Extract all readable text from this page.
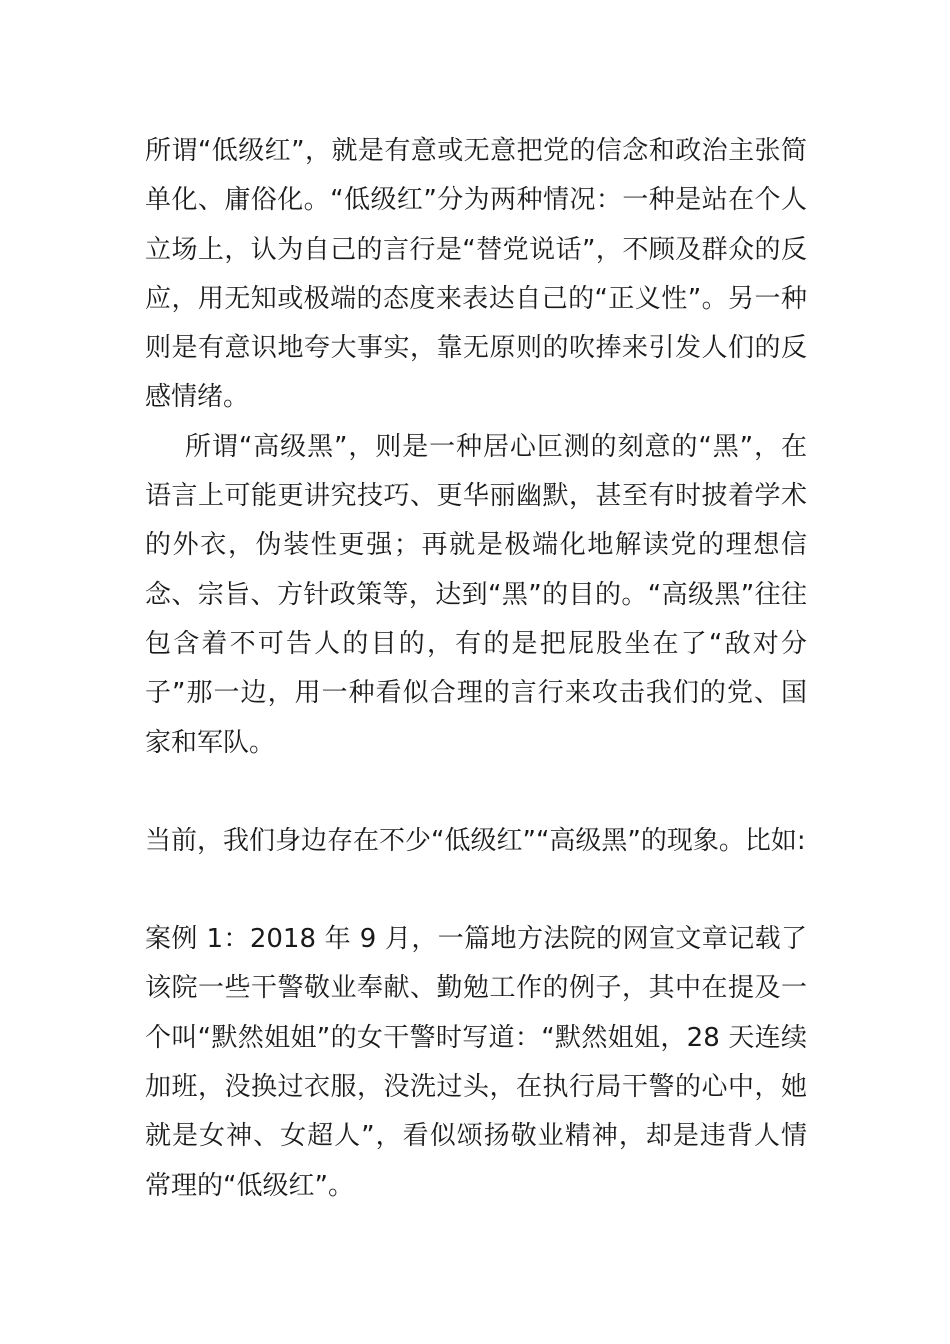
所谓“低级红”，就是有意或无意把党的信念和政治主张简单化、庸俗化。“低级红”分为两种情况：一种是站在个人立场上，认为自己的言行是“替党说话”，不顾及群众的反应，用无知或极端的态度来表达自己的“正义性”。另一种则是有意识地夸大事实，靠无原则的吹捧来引发人们的反感情绪。

所谓“高级黑”，则是一种居心叵测的刻意的“黑”，在语言上可能更讲究技巧、更华丽幽默，甚至有时披着学术的外衣，伪装性更强；再就是极端化地解读党的理想信念、宗旨、方针政策等，达到“黑”的目的。“高级黑”往往包含着不可告人的目的，有的是把屁股坐在了“敌对分子”那一边，用一种看似合理的言行来攻击我们的党、国家和军队。

当前，我们身边存在不少“低级红”“高级黑”的现象。比如:

案例 1：2018 年 9 月，一篇地方法院的网宣文章记载了该院一些干警敬业奉献、勤勉工作的例子，其中在提及一个叫“默然姐姐”的女干警时写道：“默然姐姐，28 天连续加班，没换过衣服，没洗过头，在执行局干警的心中，她就是女神、女超人”，看似颂扬敬业精神，却是违背人情常理的“低级红”。
